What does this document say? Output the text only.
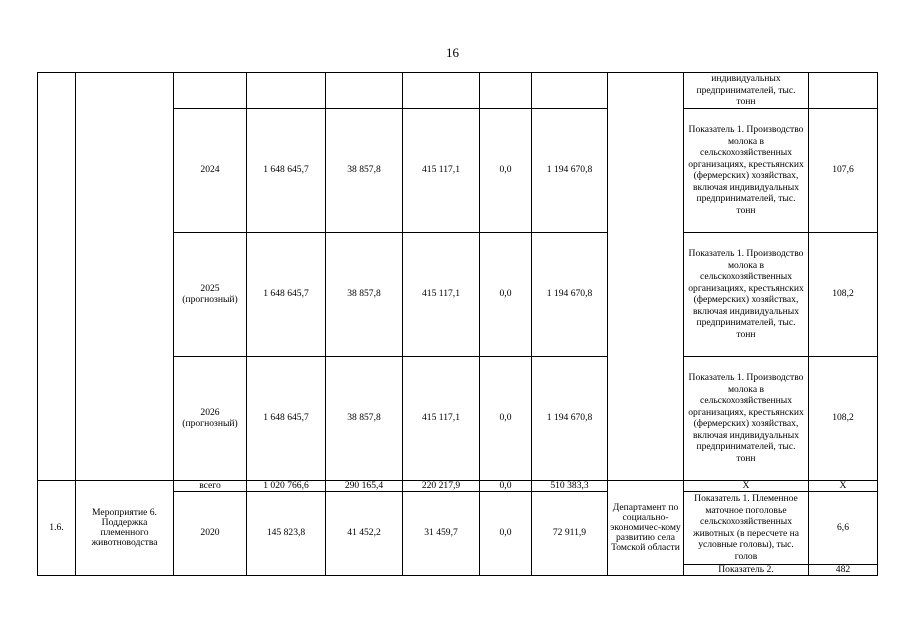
16
									индивидуальных предпринимателей, тыс. тонн	
		2024	1 648 645,7	38 857,8	415 117,1	0,0	1 194 670,8		Показатель 1. Производство молока в сельскохозяйственных организациях, крестьянских (фермерских) хозяйствах, включая индивидуальных предпринимателей, тыс. тонн	107,6
		2025 (прогнозный)	1 648 645,7	38 857,8	415 117,1	0,0	1 194 670,8		Показатель 1. Производство молока в сельскохозяйственных организациях, крестьянских (фермерских) хозяйствах, включая индивидуальных предпринимателей, тыс. тонн	108,2
		2026 (прогнозный)	1 648 645,7	38 857,8	415 117,1	0,0	1 194 670,8		Показатель 1. Производство молока в сельскохозяйственных организациях, крестьянских (фермерских) хозяйствах, включая индивидуальных предпринимателей, тыс. тонн	108,2
1.6.	Мероприятие 6. Поддержка племенного животноводства	всего	1 020 766,6	290 165,4	220 217,9	0,0	510 383,3	Департамент по социально-экономичес-кому развитию села Томской области	Х	Х
		2020	145 823,8	41 452,2	31 459,7	0,0	72 911,9		Показатель 1. Племенное маточное поголовье сельскохозяйственных животных (в пересчете на условные головы), тыс. голов	6,6
									Показатель 2.	482
